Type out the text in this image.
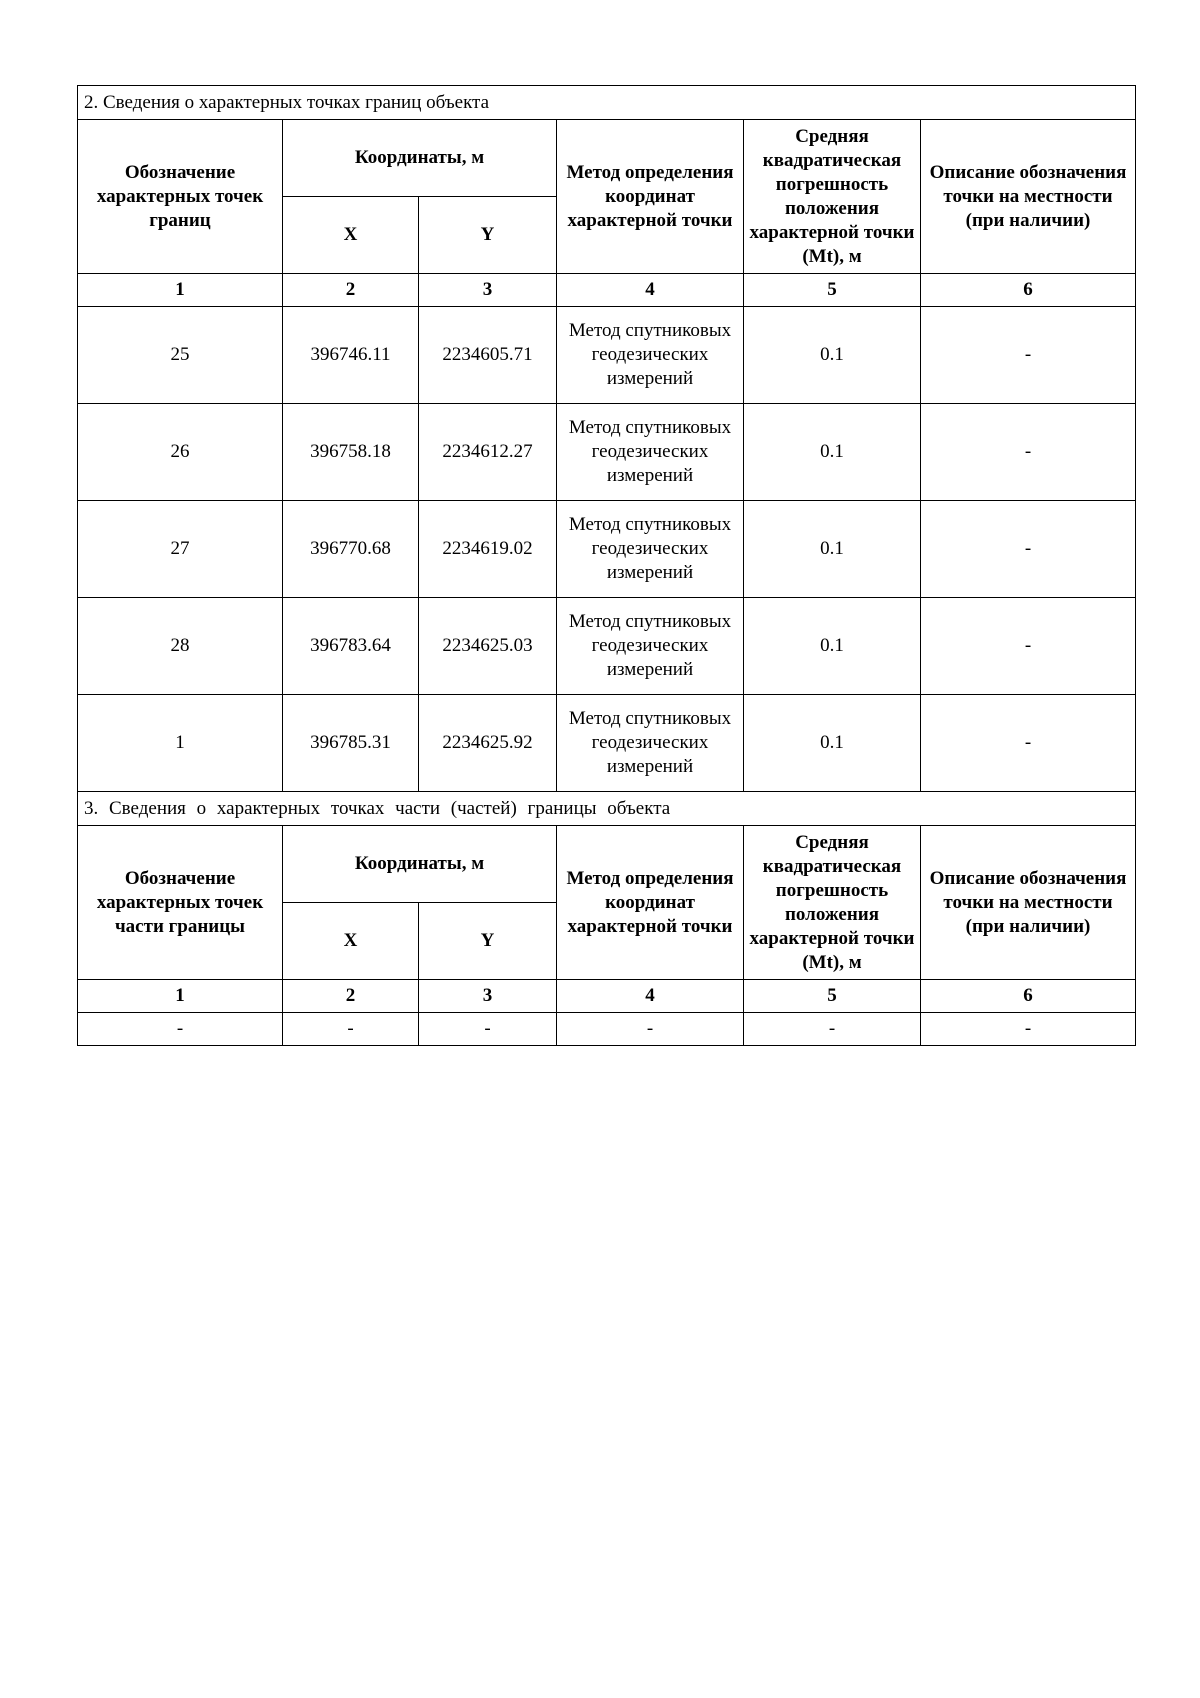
2. Сведения о характерных точках границ объекта					
Обозначение характерных точек границ	Координаты, м		Метод определения координат характерной точки	Средняя квадратическая погрешность положения характерной точки (Mt), м	Описание обозначения точки на местности (при наличии)
	X	Y			
1	2	3	4	5	6
25	396746.11	2234605.71	Метод спутниковых геодезических измерений	0.1	-
26	396758.18	2234612.27	Метод спутниковых геодезических измерений	0.1	-
27	396770.68	2234619.02	Метод спутниковых геодезических измерений	0.1	-
28	396783.64	2234625.03	Метод спутниковых геодезических измерений	0.1	-
1	396785.31	2234625.92	Метод спутниковых геодезических измерений	0.1	-
3. Сведения о характерных точках части (частей) границы объекта					
Обозначение характерных точек части границы	Координаты, м		Метод определения координат характерной точки	Средняя квадратическая погрешность положения характерной точки (Mt), м	Описание обозначения точки на местности (при наличии)
	X	Y			
1	2	3	4	5	6
-	-	-	-	-	-
